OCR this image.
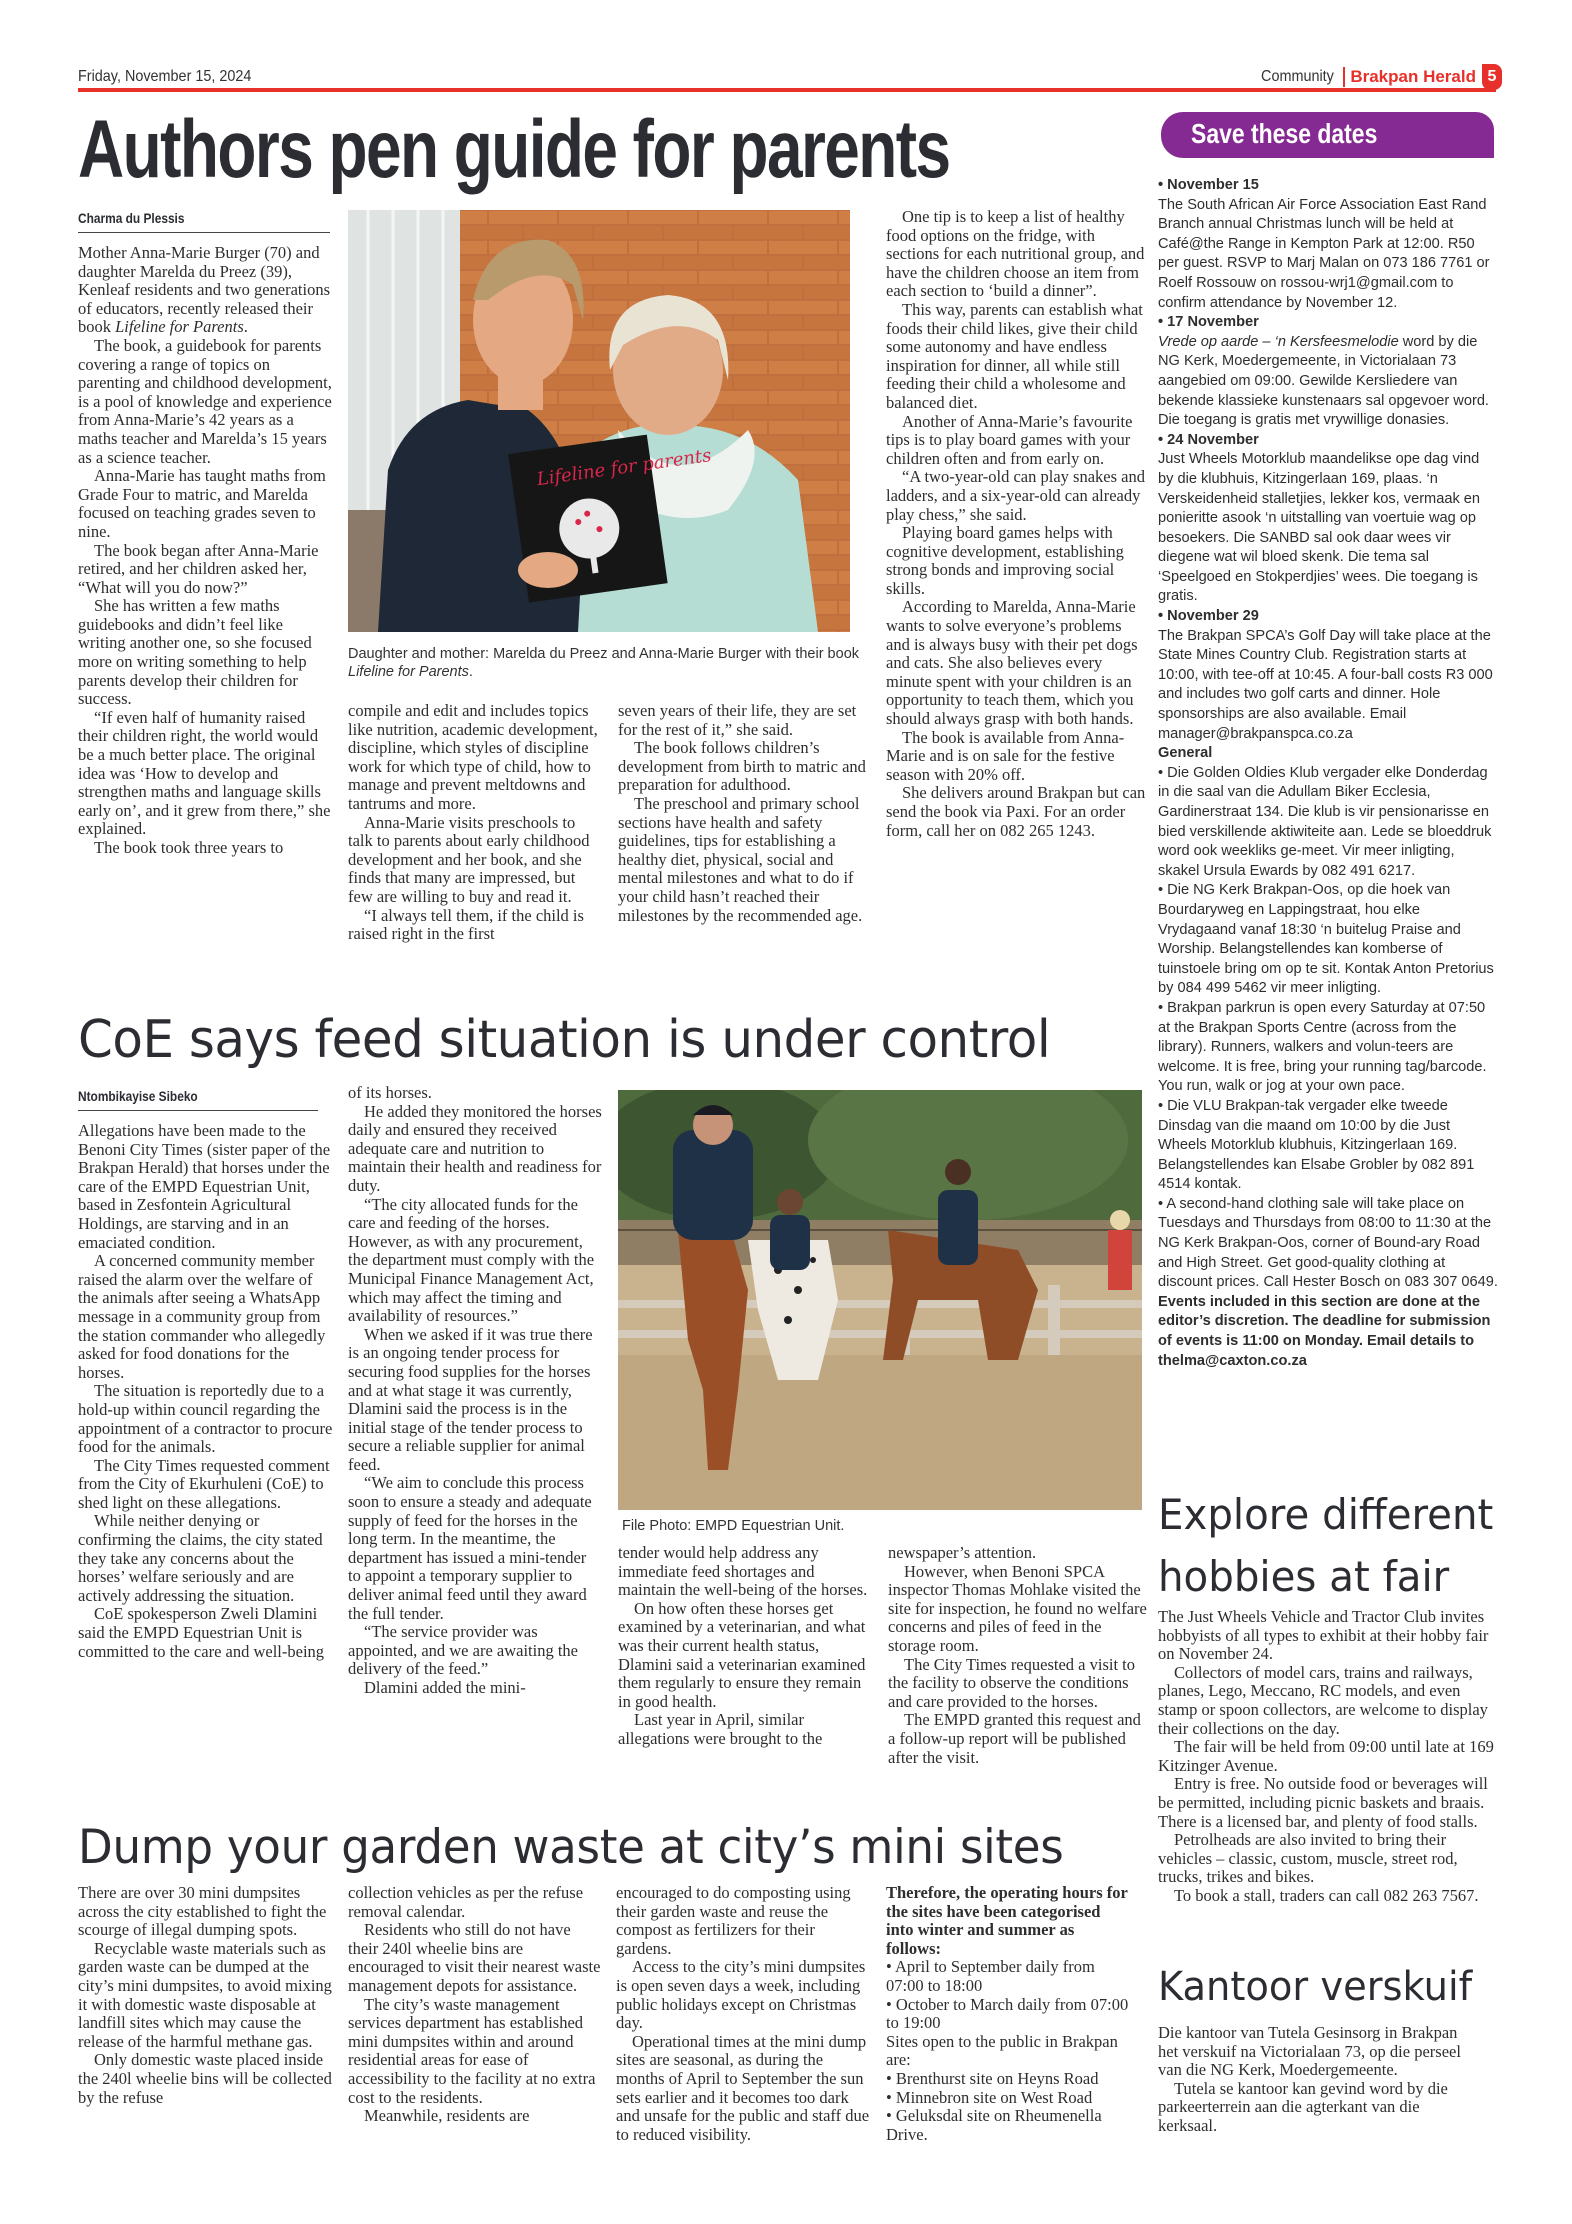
Friday, November 15, 2024	Community Brakpan Herald 5
Authors pen guide for parents
Charma du Plessis

Mother Anna-Marie Burger (70) and daughter Marelda du Preez (39), Kenleaf residents and two generations of educators, recently released their book Lifeline for Parents.

The book, a guidebook for parents covering a range of topics on parenting and childhood development, is a pool of knowledge and experience from Anna-Marie’s 42 years as a maths teacher and Marelda’s 15 years as a science teacher.

Anna-Marie has taught maths from Grade Four to matric, and Marelda focused on teaching grades seven to nine.

The book began after Anna-Marie retired, and her children asked her, “What will you do now?”

She has written a few maths guidebooks and didn’t feel like writing another one, so she focused more on writing something to help parents develop their children for success.

“If even half of humanity raised their children right, the world would be a much better place. The original idea was ‘How to develop and strengthen maths and language skills early on’, and it grew from there,” she explained.

The book took three years to

Lifeline for parents
Daughter and mother: Marelda du Preez and Anna-Marie Burger with their book Lifeline for Parents.

compile and edit and includes topics like nutrition, academic development, discipline, which styles of discipline work for which type of child, how to manage and prevent meltdowns and tantrums and more.

Anna-Marie visits preschools to talk to parents about early childhood development and her book, and she finds that many are impressed, but few are willing to buy and read it.

“I always tell them, if the child is raised right in the first

seven years of their life, they are set for the rest of it,” she said.

The book follows children’s development from birth to matric and preparation for adulthood.

The preschool and primary school sections have health and safety guidelines, tips for establishing a healthy diet, physical, social and mental milestones and what to do if your child hasn’t reached their milestones by the recommended age.

One tip is to keep a list of healthy food options on the fridge, with sections for each nutritional group, and have the children choose an item from each section to ‘build a dinner”.

This way, parents can establish what foods their child likes, give their child some autonomy and have endless inspiration for dinner, all while still feeding their child a wholesome and balanced diet.

Another of Anna-Marie’s favourite tips is to play board games with your children often and from early on.

“A two-year-old can play snakes and ladders, and a six-year-old can already play chess,” she said.

Playing board games helps with cognitive development, establishing strong bonds and improving social skills.

According to Marelda, Anna-Marie wants to solve everyone’s problems and is always busy with their pet dogs and cats. She also believes every minute spent with your children is an opportunity to teach them, which you should always grasp with both hands.

The book is available from Anna-Marie and is on sale for the festive season with 20% off.

She delivers around Brakpan but can send the book via Paxi. For an order form, call her on 082 265 1243.

Save these dates
• November 15
The South African Air Force Association East Rand Branch annual Christmas lunch will be held at Café@the Range in Kempton Park at 12:00. R50 per guest. RSVP to Marj Malan on 073 186 7761 or Roelf Rossouw on rossou-wrj1@gmail.com to confirm attendance by November 12.
• 17 November
Vrede op aarde – ‘n Kersfeesmelodie word by die NG Kerk, Moedergemeente, in Victorialaan 73 aangebied om 09:00. Gewilde Kersliedere van bekende klassieke kunstenaars sal opgevoer word. Die toegang is gratis met vrywillige donasies.
• 24 November
Just Wheels Motorklub maandelikse ope dag vind by die klubhuis, Kitzingerlaan 169, plaas. ‘n Verskeidenheid stalletjies, lekker kos, vermaak en ponieritte asook ‘n uitstalling van voertuie wag op besoekers. Die SANBD sal ook daar wees vir diegene wat wil bloed skenk. Die tema sal ‘Speelgoed en Stokperdjies’ wees. Die toegang is gratis.
• November 29
The Brakpan SPCA’s Golf Day will take place at the State Mines Country Club. Registration starts at 10:00, with tee-off at 10:45. A four-ball costs R3 000 and includes two golf carts and dinner. Hole sponsorships are also available. Email manager@brakpanspca.co.za
General
• Die Golden Oldies Klub vergader elke Donderdag in die saal van die Adullam Biker Ecclesia, Gardinerstraat 134. Die klub is vir pensionarisse en bied verskillende aktiwiteite aan. Lede se bloeddruk word ook weekliks ge-meet. Vir meer inligting, skakel Ursula Ewards by 082 491 6217.
• Die NG Kerk Brakpan-Oos, op die hoek van Bourdaryweg en Lappingstraat, hou elke Vrydagaand vanaf 18:30 ‘n buitelug Praise and Worship. Belangstellendes kan komberse of tuinstoele bring om op te sit. Kontak Anton Pretorius by 084 499 5462 vir meer inligting.
• Brakpan parkrun is open every Saturday at 07:50 at the Brakpan Sports Centre (across from the library). Runners, walkers and volun-teers are welcome. It is free, bring your running tag/barcode. You run, walk or jog at your own pace.
• Die VLU Brakpan-tak vergader elke tweede Dinsdag van die maand om 10:00 by die Just Wheels Motorklub klubhuis, Kitzingerlaan 169. Belangstellendes kan Elsabe Grobler by 082 891 4514 kontak.
• A second-hand clothing sale will take place on Tuesdays and Thursdays from 08:00 to 11:30 at the NG Kerk Brakpan-Oos, corner of Bound-ary Road and High Street. Get good-quality clothing at discount prices. Call Hester Bosch on 083 307 0649.
Events included in this section are done at the editor’s discretion. The deadline for submission of events is 11:00 on Monday. Email details to thelma@caxton.co.za
CoE says feed situation is under control
Ntombikayise Sibeko

Allegations have been made to the Benoni City Times (sister paper of the Brakpan Herald) that horses under the care of the EMPD Equestrian Unit, based in Zesfontein Agricultural Holdings, are starving and in an emaciated condition.

A concerned community member raised the alarm over the welfare of the animals after seeing a WhatsApp message in a community group from the station commander who allegedly asked for food donations for the horses.

The situation is reportedly due to a hold-up within council regarding the appointment of a contractor to procure food for the animals.

The City Times requested comment from the City of Ekurhuleni (CoE) to shed light on these allegations.

While neither denying or confirming the claims, the city stated they take any concerns about the horses’ welfare seriously and are actively addressing the situation.

CoE spokesperson Zweli Dlamini said the EMPD Equestrian Unit is committed to the care and well-being

of its horses.

He added they monitored the horses daily and ensured they received adequate care and nutrition to maintain their health and readiness for duty.

“The city allocated funds for the care and feeding of the horses. However, as with any procurement, the department must comply with the Municipal Finance Management Act, which may affect the timing and availability of resources.”

When we asked if it was true there is an ongoing tender process for securing food supplies for the horses and at what stage it was currently, Dlamini said the process is in the initial stage of the tender process to secure a reliable supplier for animal feed.

“We aim to conclude this process soon to ensure a steady and adequate supply of feed for the horses in the long term. In the meantime, the department has issued a mini-tender to appoint a temporary supplier to deliver animal feed until they award the full tender.

“The service provider was appointed, and we are awaiting the delivery of the feed.”

Dlamini added the mini-

File Photo: EMPD Equestrian Unit.

tender would help address any immediate feed shortages and maintain the well-being of the horses.

On how often these horses get examined by a veterinarian, and what was their current health status, Dlamini said a veterinarian examined them regularly to ensure they remain in good health.

Last year in April, similar allegations were brought to the

newspaper’s attention.

However, when Benoni SPCA inspector Thomas Mohlake visited the site for inspection, he found no welfare concerns and piles of feed in the storage room.

The City Times requested a visit to the facility to observe the conditions and care provided to the horses.

The EMPD granted this request and a follow-up report will be published after the visit.

Explore different
hobbies at fair

The Just Wheels Vehicle and Tractor Club invites hobbyists of all types to exhibit at their hobby fair on November 24.

Collectors of model cars, trains and railways, planes, Lego, Meccano, RC models, and even stamp or spoon collectors, are welcome to display their collections on the day.

The fair will be held from 09:00 until late at 169 Kitzinger Avenue.

Entry is free. No outside food or beverages will be permitted, including picnic baskets and braais. There is a licensed bar, and plenty of food stalls.

Petrolheads are also invited to bring their vehicles – classic, custom, muscle, street rod, trucks, trikes and bikes.

To book a stall, traders can call 082 263 7567.

Kantoor verskuif

Die kantoor van Tutela Gesinsorg in Brakpan het verskuif na Victorialaan 73, op die perseel van die NG Kerk, Moedergemeente.

Tutela se kantoor kan gevind word by die parkeerterrein aan die agterkant van die kerksaal.

Dump your garden waste at city’s mini sites

There are over 30 mini dumpsites across the city established to fight the scourge of illegal dumping spots.

Recyclable waste materials such as garden waste can be dumped at the city’s mini dumpsites, to avoid mixing it with domestic waste disposable at landfill sites which may cause the release of the harmful methane gas.

Only domestic waste placed inside the 240l wheelie bins will be collected by the refuse

collection vehicles as per the refuse removal calendar.

Residents who still do not have their 240l wheelie bins are encouraged to visit their nearest waste management depots for assistance.

The city’s waste management services department has established mini dumpsites within and around residential areas for ease of accessibility to the facility at no extra cost to the residents.

Meanwhile, residents are

encouraged to do composting using their garden waste and reuse the compost as fertilizers for their gardens.

Access to the city’s mini dumpsites is open seven days a week, including public holidays except on Christmas day.

Operational times at the mini dump sites are seasonal, as during the months of April to September the sun sets earlier and it becomes too dark and unsafe for the public and staff due to reduced visibility.

Therefore, the operating hours for the sites have been categorised into winter and summer as follows:

• April to September daily from 07:00 to 18:00

• October to March daily from 07:00 to 19:00

Sites open to the public in Brakpan are:

• Brenthurst site on Heyns Road

• Minnebron site on West Road

• Geluksdal site on Rheumenella Drive.
